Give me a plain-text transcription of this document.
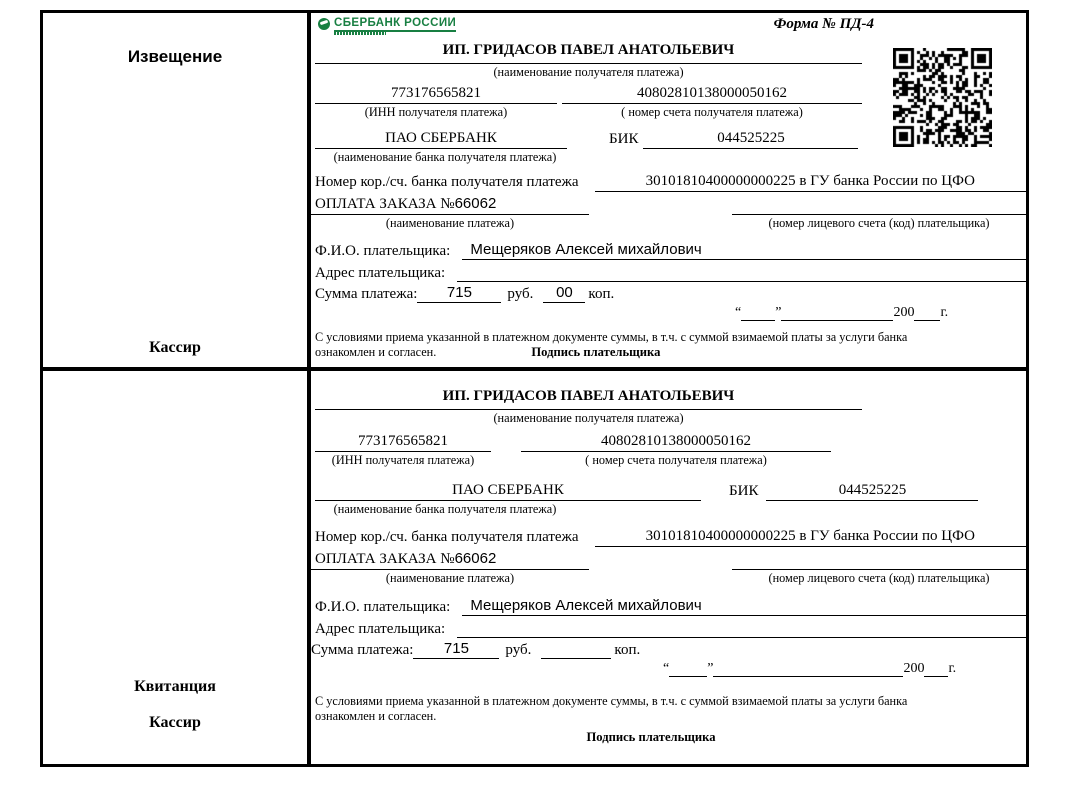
Извещение
Кассир
СБЕРБАНК РОССИИ	Форма № ПД-4
ИП. ГРИДАСОВ ПАВЕЛ АНАТОЛЬЕВИЧ
(наименование получателя платежа)
773176565821	40802810138000050162
(ИНН получателя платежа)	( номер счета получателя платежа)
ПАО СБЕРБАНК	БИК	044525225
(наименование банка получателя платежа)
Номер кор./сч. банка получателя платежа	30101810400000000225 в ГУ банка России по ЦФО
ОПЛАТА ЗАКАЗА №66062
(наименование платежа)	(номер лицевого счета (код) плательщика)
Ф.И.О. плательщика:	Мещеряков Алексей михайлович
Адрес плательщика:
Сумма платежа:	715	руб.	00	коп.
“ ”	200 г.
С условиями приема указанной в платежном документе суммы, в т.ч. с суммой взимаемой платы за услуги банка
ознакомлен и согласен.	Подпись плательщика
Квитанция
Кассир
ИП. ГРИДАСОВ ПАВЕЛ АНАТОЛЬЕВИЧ
(наименование получателя платежа)
773176565821	40802810138000050162
(ИНН получателя платежа)	( номер счета получателя платежа)
ПАО СБЕРБАНК	БИК	044525225
(наименование банка получателя платежа)
Номер кор./сч. банка получателя платежа	30101810400000000225 в ГУ банка России по ЦФО
ОПЛАТА ЗАКАЗА №66062
(наименование платежа)	(номер лицевого счета (код) плательщика)
Ф.И.О. плательщика:	Мещеряков Алексей михайлович
Адрес плательщика:
Сумма платежа:	715	руб.	коп.
“	”	200 г.
С условиями приема указанной в платежном документе суммы, в т.ч. с суммой взимаемой платы за услуги банка
ознакомлен и согласен.
Подпись плательщика
